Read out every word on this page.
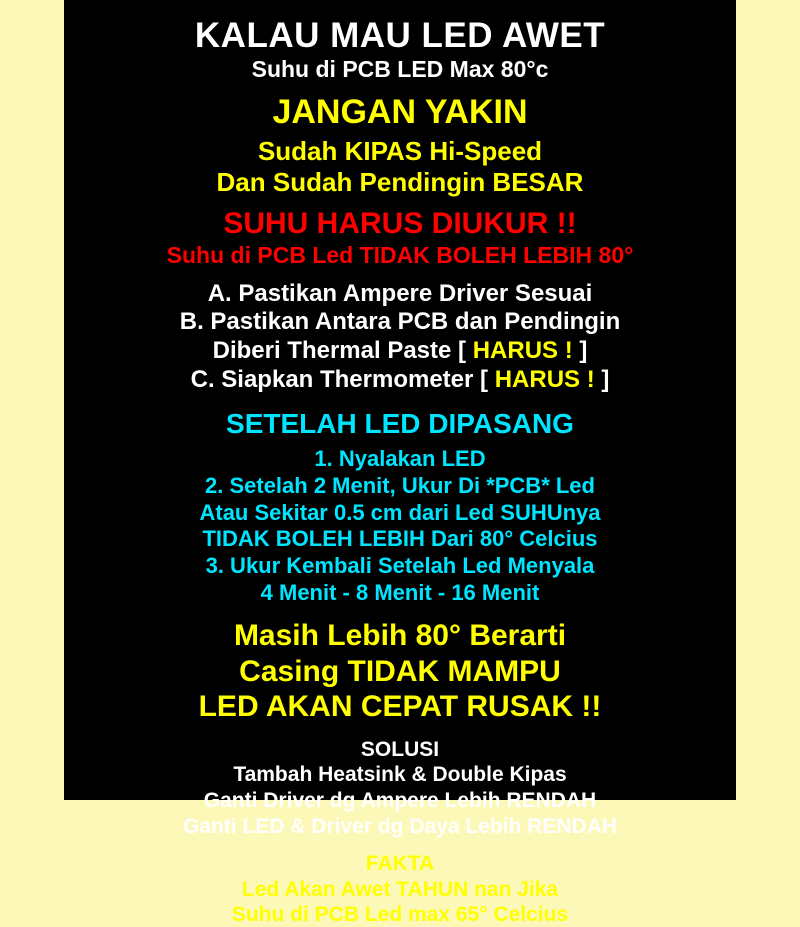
KALAU MAU LED AWET
Suhu di PCB LED Max 80°c
JANGAN YAKIN
Sudah KIPAS Hi-Speed
Dan Sudah Pendingin BESAR
SUHU HARUS DIUKUR !!
Suhu di PCB Led TIDAK BOLEH LEBIH 80°
A. Pastikan Ampere Driver Sesuai
B. Pastikan Antara PCB dan Pendingin
Diberi Thermal Paste [ HARUS ! ]
C. Siapkan Thermometer [ HARUS ! ]
SETELAH LED DIPASANG
1. Nyalakan LED
2. Setelah 2 Menit, Ukur Di *PCB* Led
Atau Sekitar 0.5 cm dari Led SUHUnya
TIDAK BOLEH LEBIH Dari 80° Celcius
3. Ukur Kembali Setelah Led Menyala
4 Menit - 8 Menit - 16 Menit
Masih Lebih 80° Berarti
Casing TIDAK MAMPU
LED AKAN CEPAT RUSAK !!
SOLUSI
Tambah Heatsink & Double Kipas
Ganti Driver dg Ampere Lebih RENDAH
Ganti LED & Driver dg Daya Lebih RENDAH
FAKTA
Led Akan Awet TAHUN nan Jika
Suhu di PCB Led max 65° Celcius
